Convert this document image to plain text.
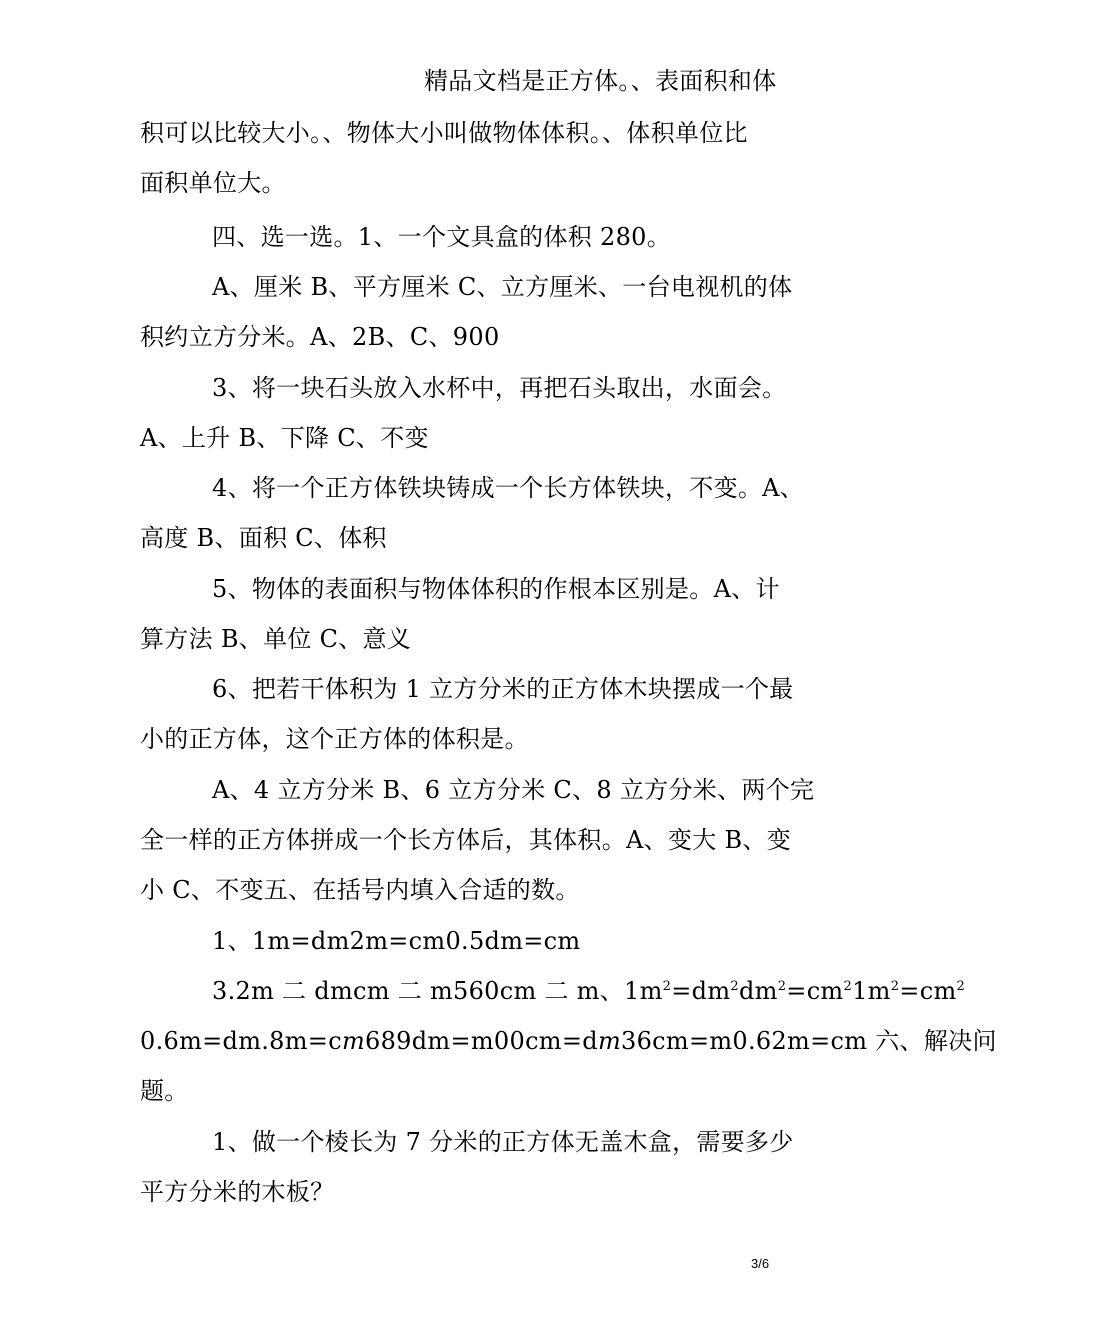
精品文档是正方体。、表面积和体
积可以比较大小。、物体大小叫做物体体积。、体积单位比
面积单位大。
四、选一选。1、一个文具盒的体积 280。
A、厘米 B、平方厘米 C、立方厘米、一台电视机的体
积约立方分米。A、2B、C、900
3、将一块石头放入水杯中，再把石头取出，水面会。
A、上升 B、下降 C、不变
4、将一个正方体铁块铸成一个长方体铁块，不变。A、
高度 B、面积 C、体积
5、物体的表面积与物体体积的作根本区别是。A、计
算方法 B、单位 C、意义
6、把若干体积为 1 立方分米的正方体木块摆成一个最
小的正方体，这个正方体的体积是。
A、4 立方分米 B、6 立方分米 C、8 立方分米、两个完
全一样的正方体拼成一个长方体后，其体积。A、变大 B、变
小 C、不变五、在括号内填入合适的数。
1、1m=dm2m=cm0.5dm=cm
3.2m 二 dmcm 二 m560cm 二 m、$1m^2=dm^2dm^2=cm^21m^2=cm^2$
0.6m=dm.8m=cm689dm=m00cm=dm36cm=m0.62m=cm 六、解决问
题。
1、做一个棱长为 7 分米的正方体无盖木盒，需要多少
平方分米的木板？
3/6
